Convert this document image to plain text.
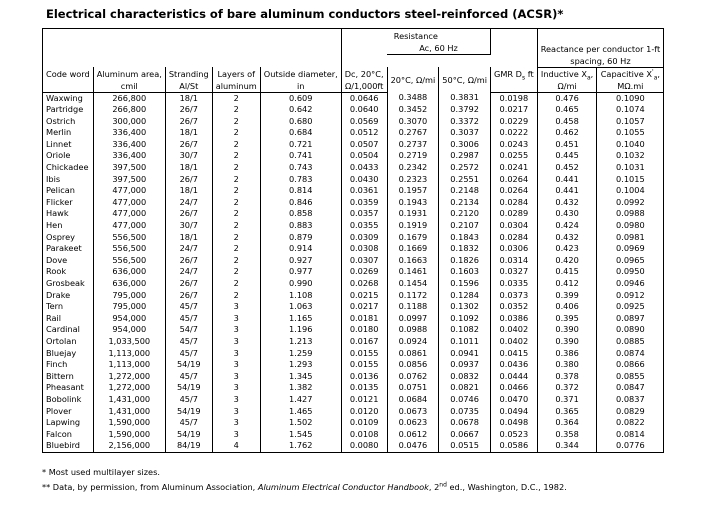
Electrical characteristics of bare aluminum conductors steel-reinforced (ACSR)*
					Resistance					
						Ac, 60 Hz			Reactance per conductor 1-ft	
									spacing, 60 Hz	
Code word	Aluminum area,	Stranding	Layers of	Outside diameter,	Dc, 20°C,	20°C, Ω/mi	50°C, Ω/mi	GMR $D_s$ ft	Inductive $X_a$,	Capacitive $X'_a$,
	cmil	Al/St	aluminum	in	Ω/1,000ft				Ω/mi	MΩ.mi
Waxwing	266,800	18/1	2	0.609	0.0646	0.3488	0.3831	0.0198	0.476	0.1090
Partridge	266,800	26/7	2	0.642	0.0640	0.3452	0.3792	0.0217	0.465	0.1074
Ostrich	300,000	26/7	2	0.680	0.0569	0.3070	0.3372	0.0229	0.458	0.1057
Merlin	336,400	18/1	2	0.684	0.0512	0.2767	0.3037	0.0222	0.462	0.1055
Linnet	336,400	26/7	2	0.721	0.0507	0.2737	0.3006	0.0243	0.451	0.1040
Oriole	336,400	30/7	2	0.741	0.0504	0.2719	0.2987	0.0255	0.445	0.1032
Chickadee	397,500	18/1	2	0.743	0.0433	0.2342	0.2572	0.0241	0.452	0.1031
Ibis	397,500	26/7	2	0.783	0.0430	0.2323	0.2551	0.0264	0.441	0.1015
Pelican	477,000	18/1	2	0.814	0.0361	0.1957	0.2148	0.0264	0.441	0.1004
Flicker	477,000	24/7	2	0.846	0.0359	0.1943	0.2134	0.0284	0.432	0.0992
Hawk	477,000	26/7	2	0.858	0.0357	0.1931	0.2120	0.0289	0.430	0.0988
Hen	477,000	30/7	2	0.883	0.0355	0.1919	0.2107	0.0304	0.424	0.0980
Osprey	556,500	18/1	2	0.879	0.0309	0.1679	0.1843	0.0284	0.432	0.0981
Parakeet	556,500	24/7	2	0.914	0.0308	0.1669	0.1832	0.0306	0.423	0.0969
Dove	556,500	26/7	2	0.927	0.0307	0.1663	0.1826	0.0314	0.420	0.0965
Rook	636,000	24/7	2	0.977	0.0269	0.1461	0.1603	0.0327	0.415	0.0950
Grosbeak	636,000	26/7	2	0.990	0.0268	0.1454	0.1596	0.0335	0.412	0.0946
Drake	795,000	26/7	2	1.108	0.0215	0.1172	0.1284	0.0373	0.399	0.0912
Tern	795,000	45/7	3	1.063	0.0217	0.1188	0.1302	0.0352	0.406	0.0925
Rail	954,000	45/7	3	1.165	0.0181	0.0997	0.1092	0.0386	0.395	0.0897
Cardinal	954,000	54/7	3	1.196	0.0180	0.0988	0.1082	0.0402	0.390	0.0890
Ortolan	1,033,500	45/7	3	1.213	0.0167	0.0924	0.1011	0.0402	0.390	0.0885
Bluejay	1,113,000	45/7	3	1.259	0.0155	0.0861	0.0941	0.0415	0.386	0.0874
Finch	1,113,000	54/19	3	1.293	0.0155	0.0856	0.0937	0.0436	0.380	0.0866
Bittern	1,272,000	45/7	3	1.345	0.0136	0.0762	0.0832	0.0444	0.378	0.0855
Pheasant	1,272,000	54/19	3	1.382	0.0135	0.0751	0.0821	0.0466	0.372	0.0847
Bobolink	1,431,000	45/7	3	1.427	0.0121	0.0684	0.0746	0.0470	0.371	0.0837
Plover	1,431,000	54/19	3	1.465	0.0120	0.0673	0.0735	0.0494	0.365	0.0829
Lapwing	1,590,000	45/7	3	1.502	0.0109	0.0623	0.0678	0.0498	0.364	0.0822
Falcon	1,590,000	54/19	3	1.545	0.0108	0.0612	0.0667	0.0523	0.358	0.0814
Bluebird	2,156,000	84/19	4	1.762	0.0080	0.0476	0.0515	0.0586	0.344	0.0776
* Most used multilayer sizes.
** Data, by permission, from Aluminum Association, Aluminum Electrical Conductor Handbook, 2nd ed., Washington, D.C., 1982.
